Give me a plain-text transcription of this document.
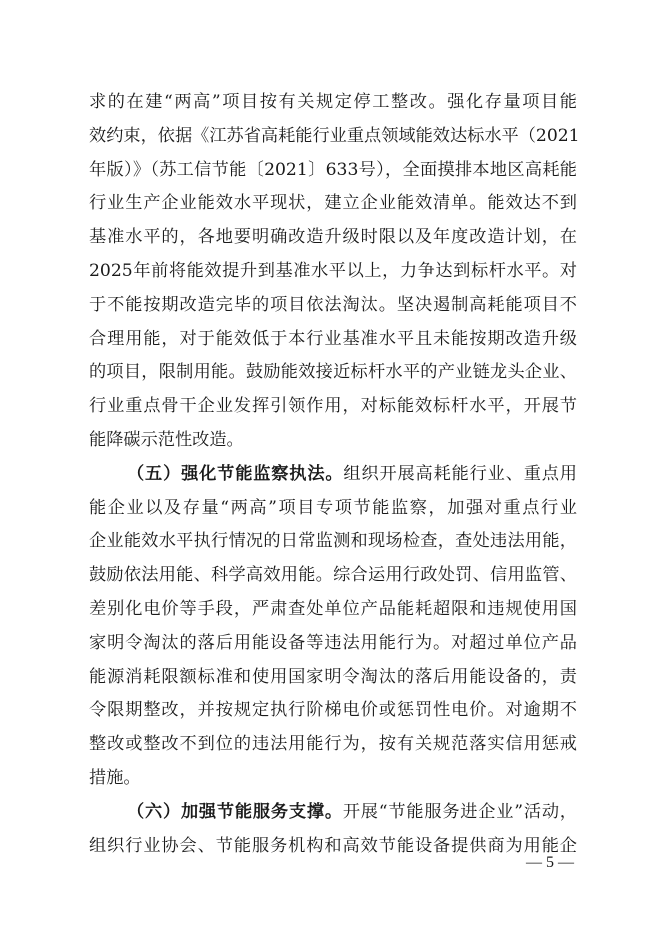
求的在建“两高”项目按有关规定停工整改。强化存量项目能
效约束，依据《江苏省高耗能行业重点领域能效达标水平（2021
年版）》（苏工信节能〔2021〕633号），全面摸排本地区高耗能
行业生产企业能效水平现状，建立企业能效清单。能效达不到
基准水平的，各地要明确改造升级时限以及年度改造计划，在
2025年前将能效提升到基准水平以上，力争达到标杆水平。对
于不能按期改造完毕的项目依法淘汰。坚决遏制高耗能项目不
合理用能，对于能效低于本行业基准水平且未能按期改造升级
的项目，限制用能。鼓励能效接近标杆水平的产业链龙头企业、
行业重点骨干企业发挥引领作用，对标能效标杆水平，开展节
能降碳示范性改造。
（五）强化节能监察执法。组织开展高耗能行业、重点用
能企业以及存量“两高”项目专项节能监察，加强对重点行业
企业能效水平执行情况的日常监测和现场检查，查处违法用能，
鼓励依法用能、科学高效用能。综合运用行政处罚、信用监管、
差别化电价等手段，严肃查处单位产品能耗超限和违规使用国
家明令淘汰的落后用能设备等违法用能行为。对超过单位产品
能源消耗限额标准和使用国家明令淘汰的落后用能设备的，责
令限期整改，并按规定执行阶梯电价或惩罚性电价。对逾期不
整改或整改不到位的违法用能行为，按有关规范落实信用惩戒
措施。
（六）加强节能服务支撑。开展“节能服务进企业”活动，
组织行业协会、节能服务机构和高效节能设备提供商为用能企
— 5 —
